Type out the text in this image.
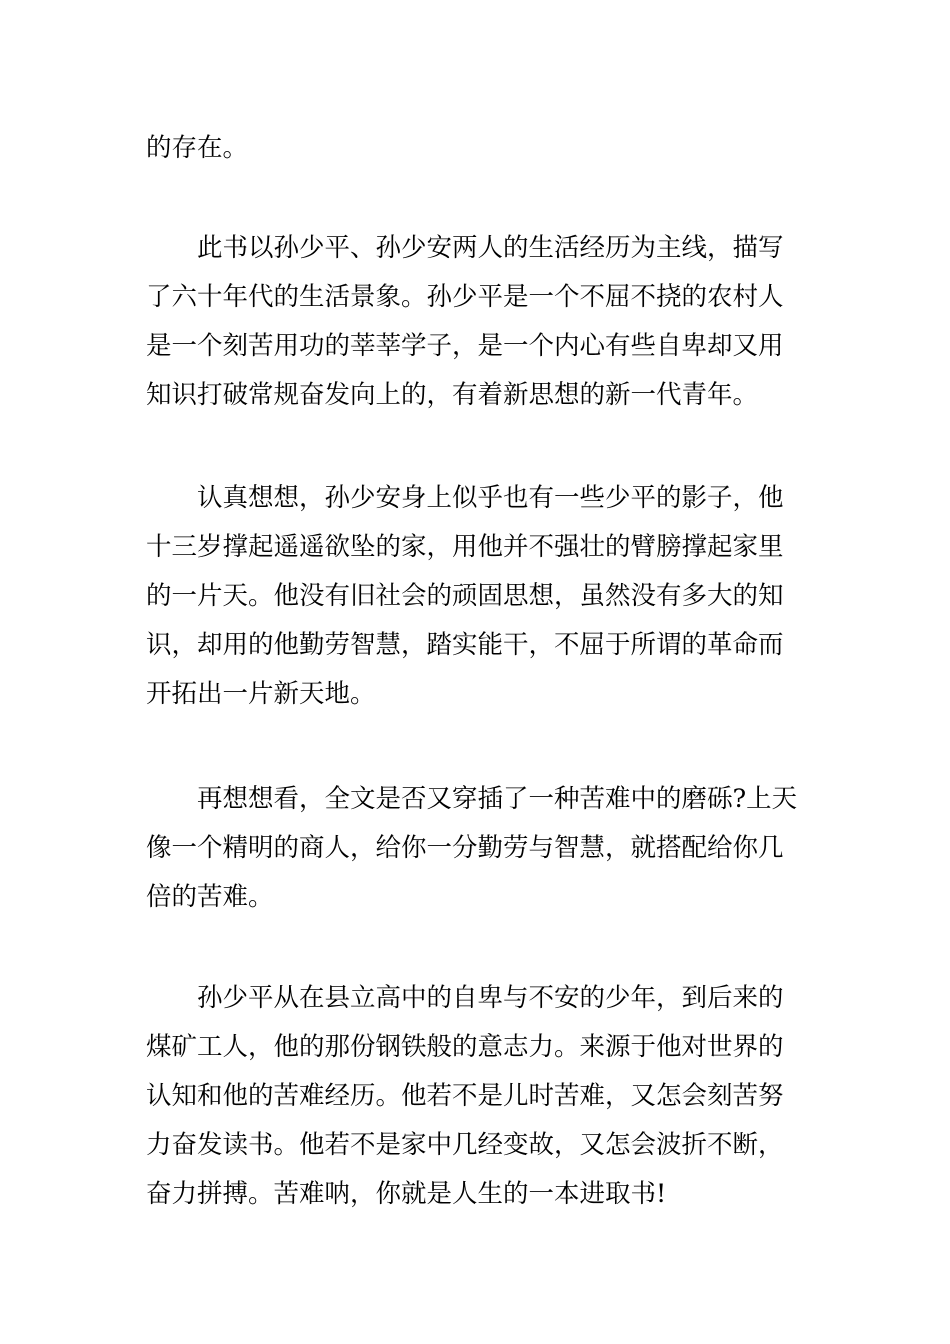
的存在。
此书以孙少平、孙少安两人的生活经历为主线，描写
了六十年代的生活景象。孙少平是一个不屈不挠的农村人
是一个刻苦用功的莘莘学子，是一个内心有些自卑却又用
知识打破常规奋发向上的，有着新思想的新一代青年。
认真想想，孙少安身上似乎也有一些少平的影子，他
十三岁撑起遥遥欲坠的家，用他并不强壮的臂膀撑起家里
的一片天。他没有旧社会的顽固思想，虽然没有多大的知
识，却用的他勤劳智慧，踏实能干，不屈于所谓的革命而
开拓出一片新天地。
再想想看，全文是否又穿插了一种苦难中的磨砾?上天
像一个精明的商人，给你一分勤劳与智慧，就搭配给你几
倍的苦难。
孙少平从在县立高中的自卑与不安的少年，到后来的
煤矿工人，他的那份钢铁般的意志力。来源于他对世界的
认知和他的苦难经历。他若不是儿时苦难，又怎会刻苦努
力奋发读书。他若不是家中几经变故，又怎会波折不断，
奋力拼搏。苦难呐，你就是人生的一本进取书!
